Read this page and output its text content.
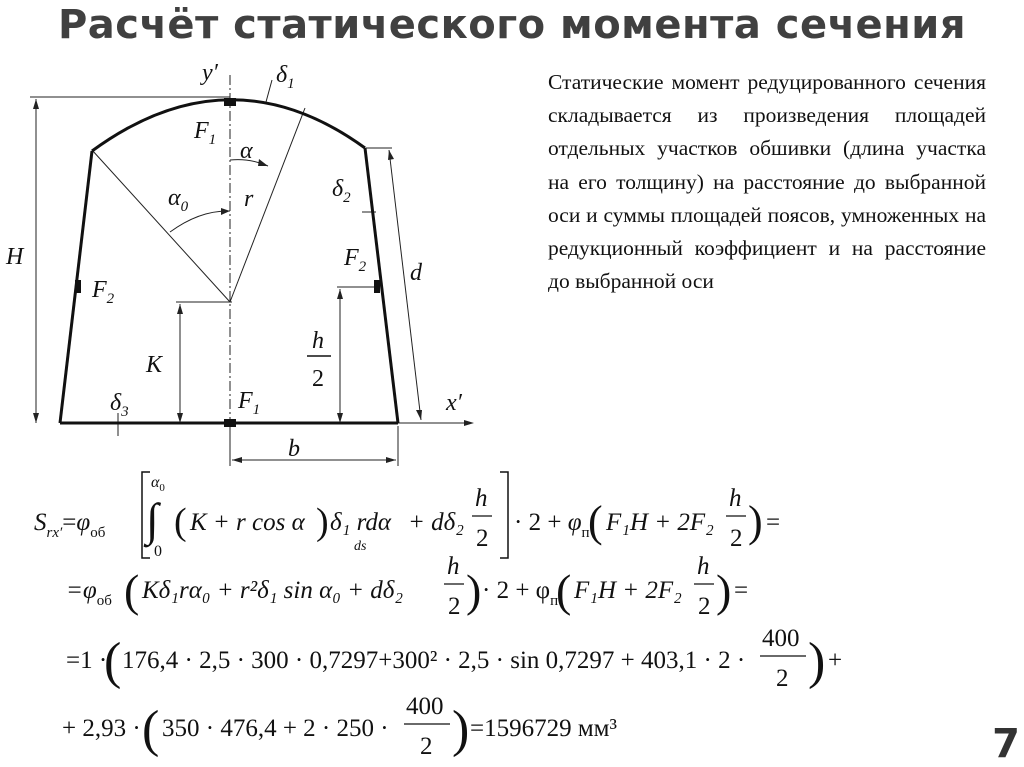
Расчёт статического момента сечения

Статические момент редуцированного сечения складывается из произведения площадей отдельных участков обшивки (длина участка на его толщину) на расстояние до выбранной оси и суммы площадей поясов, умноженных на редукционный коэффициент и на расстояние до выбранной оси

y′
x′
$\delta_1$
$\delta_2$
$\delta_3$
$F_1$
$F_1$
$F_2$
$F_2$
α
$\alpha_0$ r
H
d
K
h
2
b
$S_{rx'}=\varphi_{об}$
$\alpha_0$
∫
0
( K + r cos α ) δ₁ rdα
ds
+ dδ₂
h
2
· $2 + \varphi_п$
( F₁H + 2F₂
h
2 ) =
$=\varphi_{об}$ ( Kδ₁rα₀ + r²δ₁ sin α₀ + dδ₂
h
2 ) · $2 + \varphi_п$
( F₁H + 2F₂
h
2 ) =
=1 ·
( 176,4 · 2,5 · 300 · 0,7297+300² · 2,5 · sin 0,7297 + 403,1 · 2 ·
400
2 ) +
+ 2,93 · ( 350 · 476,4 + 2 · 250 ·
400
2 ) =1596729 мм³	7
